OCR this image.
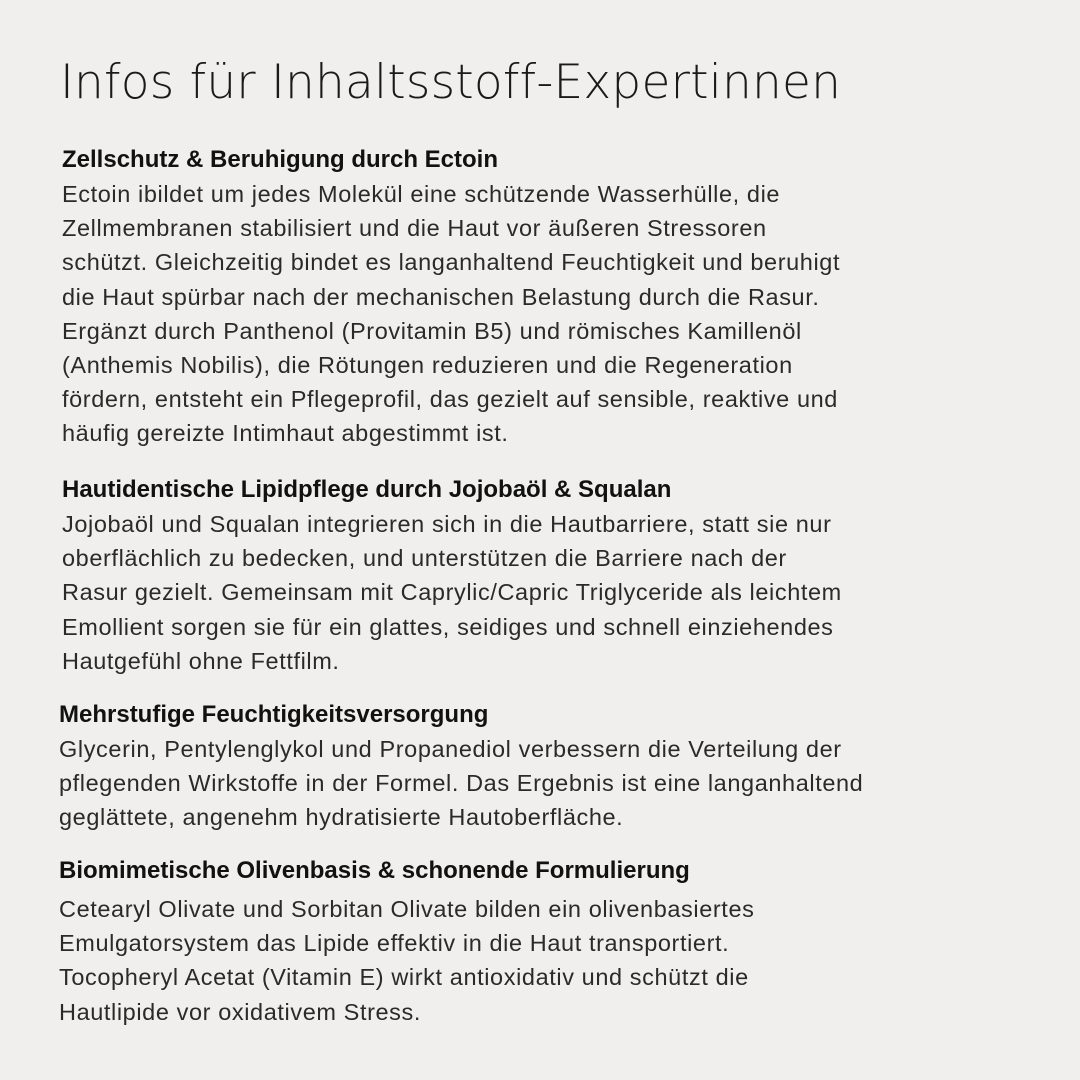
Infos für Inhaltsstoff-Expertinnen
Zellschutz & Beruhigung durch Ectoin

Ectoin ibildet um jedes Molekül eine schützende Wasserhülle, die
Zellmembranen stabilisiert und die Haut vor äußeren Stressoren
schützt. Gleichzeitig bindet es langanhaltend Feuchtigkeit und beruhigt
die Haut spürbar nach der mechanischen Belastung durch die Rasur.
Ergänzt durch Panthenol (Provitamin B5) und römisches Kamillenöl
(Anthemis Nobilis), die Rötungen reduzieren und die Regeneration
fördern, entsteht ein Pflegeprofil, das gezielt auf sensible, reaktive und
häufig gereizte Intimhaut abgestimmt ist.

Hautidentische Lipidpflege durch Jojobaöl & Squalan

Jojobaöl und Squalan integrieren sich in die Hautbarriere, statt sie nur
oberflächlich zu bedecken, und unterstützen die Barriere nach der
Rasur gezielt. Gemeinsam mit Caprylic/Capric Triglyceride als leichtem
Emollient sorgen sie für ein glattes, seidiges und schnell einziehendes
Hautgefühl ohne Fettfilm.

Mehrstufige Feuchtigkeitsversorgung

Glycerin, Pentylenglykol und Propanediol verbessern die Verteilung der
pflegenden Wirkstoffe in der Formel. Das Ergebnis ist eine langanhaltend
geglättete, angenehm hydratisierte Hautoberfläche.

Biomimetische Olivenbasis & schonende Formulierung

Cetearyl Olivate und Sorbitan Olivate bilden ein olivenbasiertes
Emulgatorsystem das Lipide effektiv in die Haut transportiert.
Tocopheryl Acetat (Vitamin E) wirkt antioxidativ und schützt die
Hautlipide vor oxidativem Stress.
